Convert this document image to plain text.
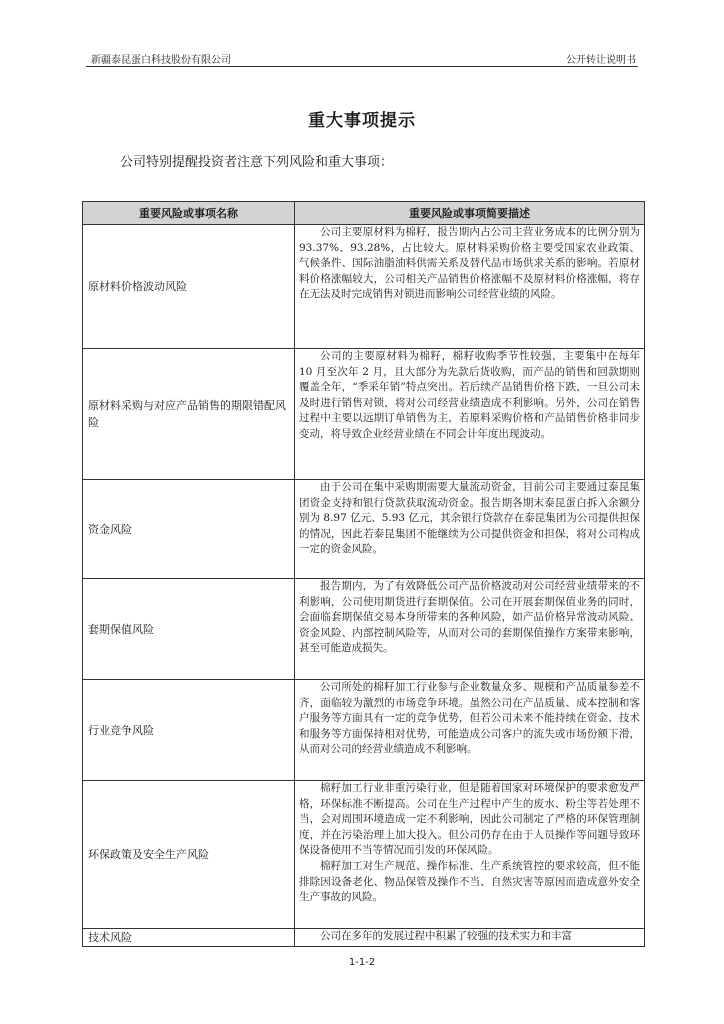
新疆泰昆蛋白科技股份有限公司	公开转让说明书
重大事项提示
公司特别提醒投资者注意下列风险和重大事项：
重要风险或事项名称	重要风险或事项简要描述
原材料价格波动风险	公司主要原材料为棉籽，报告期内占公司主营业务成本的比例分别为 93.37%、93.28%，占比较大。原材料采购价格主要受国家农业政策、气候条件、国际油脂油料供需关系及替代品市场供求关系的影响。若原材料价格涨幅较大，公司相关产品销售价格涨幅不及原材料价格涨幅，将存在无法及时完成销售对锁进而影响公司经营业绩的风险。

原材料采购与对应产品销售的期限错配风险	公司的主要原材料为棉籽，棉籽收购季节性较强，主要集中在每年 10 月至次年 2 月，且大部分为先款后货收购，而产品的销售和回款期则覆盖全年，“季采年销”特点突出。若后续产品销售价格下跌，一旦公司未及时进行销售对锁，将对公司经营业绩造成不利影响。另外，公司在销售过程中主要以远期订单销售为主，若原料采购价格和产品销售价格非同步变动，将导致企业经营业绩在不同会计年度出现波动。

资金风险	由于公司在集中采购期需要大量流动资金，目前公司主要通过泰昆集团资金支持和银行贷款获取流动资金。报告期各期末泰昆蛋白拆入余额分别为 8.97 亿元、5.93 亿元，其余银行贷款存在泰昆集团为公司提供担保的情况，因此若泰昆集团不能继续为公司提供资金和担保，将对公司构成一定的资金风险。

套期保值风险	报告期内，为了有效降低公司产品价格波动对公司经营业绩带来的不利影响，公司使用期货进行套期保值。公司在开展套期保值业务的同时，会面临套期保值交易本身所带来的各种风险，如产品价格异常波动风险、资金风险、内部控制风险等，从而对公司的套期保值操作方案带来影响，甚至可能造成损失。

行业竞争风险	公司所处的棉籽加工行业参与企业数量众多、规模和产品质量参差不齐，面临较为激烈的市场竞争环境。虽然公司在产品质量、成本控制和客户服务等方面具有一定的竞争优势，但若公司未来不能持续在资金、技术和服务等方面保持相对优势，可能造成公司客户的流失或市场份额下滑，从而对公司的经营业绩造成不利影响。

环保政策及安全生产风险	棉籽加工行业非重污染行业，但是随着国家对环境保护的要求愈发严格，环保标准不断提高。公司在生产过程中产生的废水、粉尘等若处理不当，会对周围环境造成一定不利影响，因此公司制定了严格的环保管理制度，并在污染治理上加大投入。但公司仍存在由于人员操作等问题导致环保设备使用不当等情况而引发的环保风险。

棉籽加工对生产规范、操作标准、生产系统管控的要求较高，但不能排除因设备老化、物品保管及操作不当、自然灾害等原因而造成意外安全生产事故的风险。

技术风险	公司在多年的发展过程中积累了较强的技术实力和丰富

1-1-2
